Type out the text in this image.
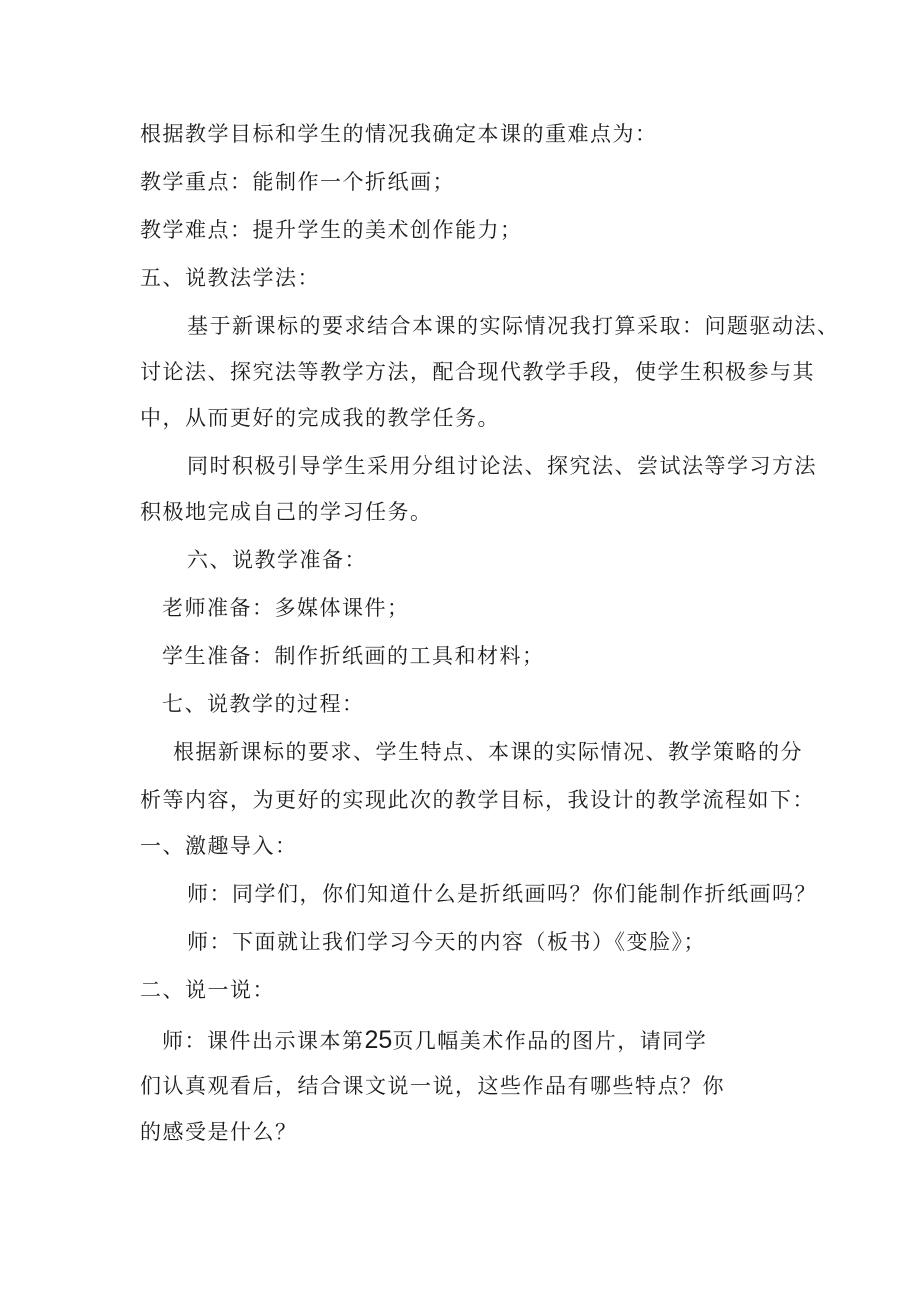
根据教学目标和学生的情况我确定本课的重难点为：
教学重点：能制作一个折纸画；
教学难点：提升学生的美术创作能力；
五、说教法学法：
基于新课标的要求结合本课的实际情况我打算采取：问题驱动法、
讨论法、探究法等教学方法，配合现代教学手段，使学生积极参与其
中，从而更好的完成我的教学任务。
同时积极引导学生采用分组讨论法、探究法、尝试法等学习方法
积极地完成自己的学习任务。
六、说教学准备：
老师准备：多媒体课件；
学生准备：制作折纸画的工具和材料；
七、说教学的过程：
根据新课标的要求、学生特点、本课的实际情况、教学策略的分
析等内容，为更好的实现此次的教学目标，我设计的教学流程如下：
一、激趣导入：
师：同学们，你们知道什么是折纸画吗？你们能制作折纸画吗？
师：下面就让我们学习今天的内容（板书）《变脸》；
二、说一说：
师：课件出示课本第25页几幅美术作品的图片，请同学
们认真观看后，结合课文说一说，这些作品有哪些特点？你
的感受是什么？
